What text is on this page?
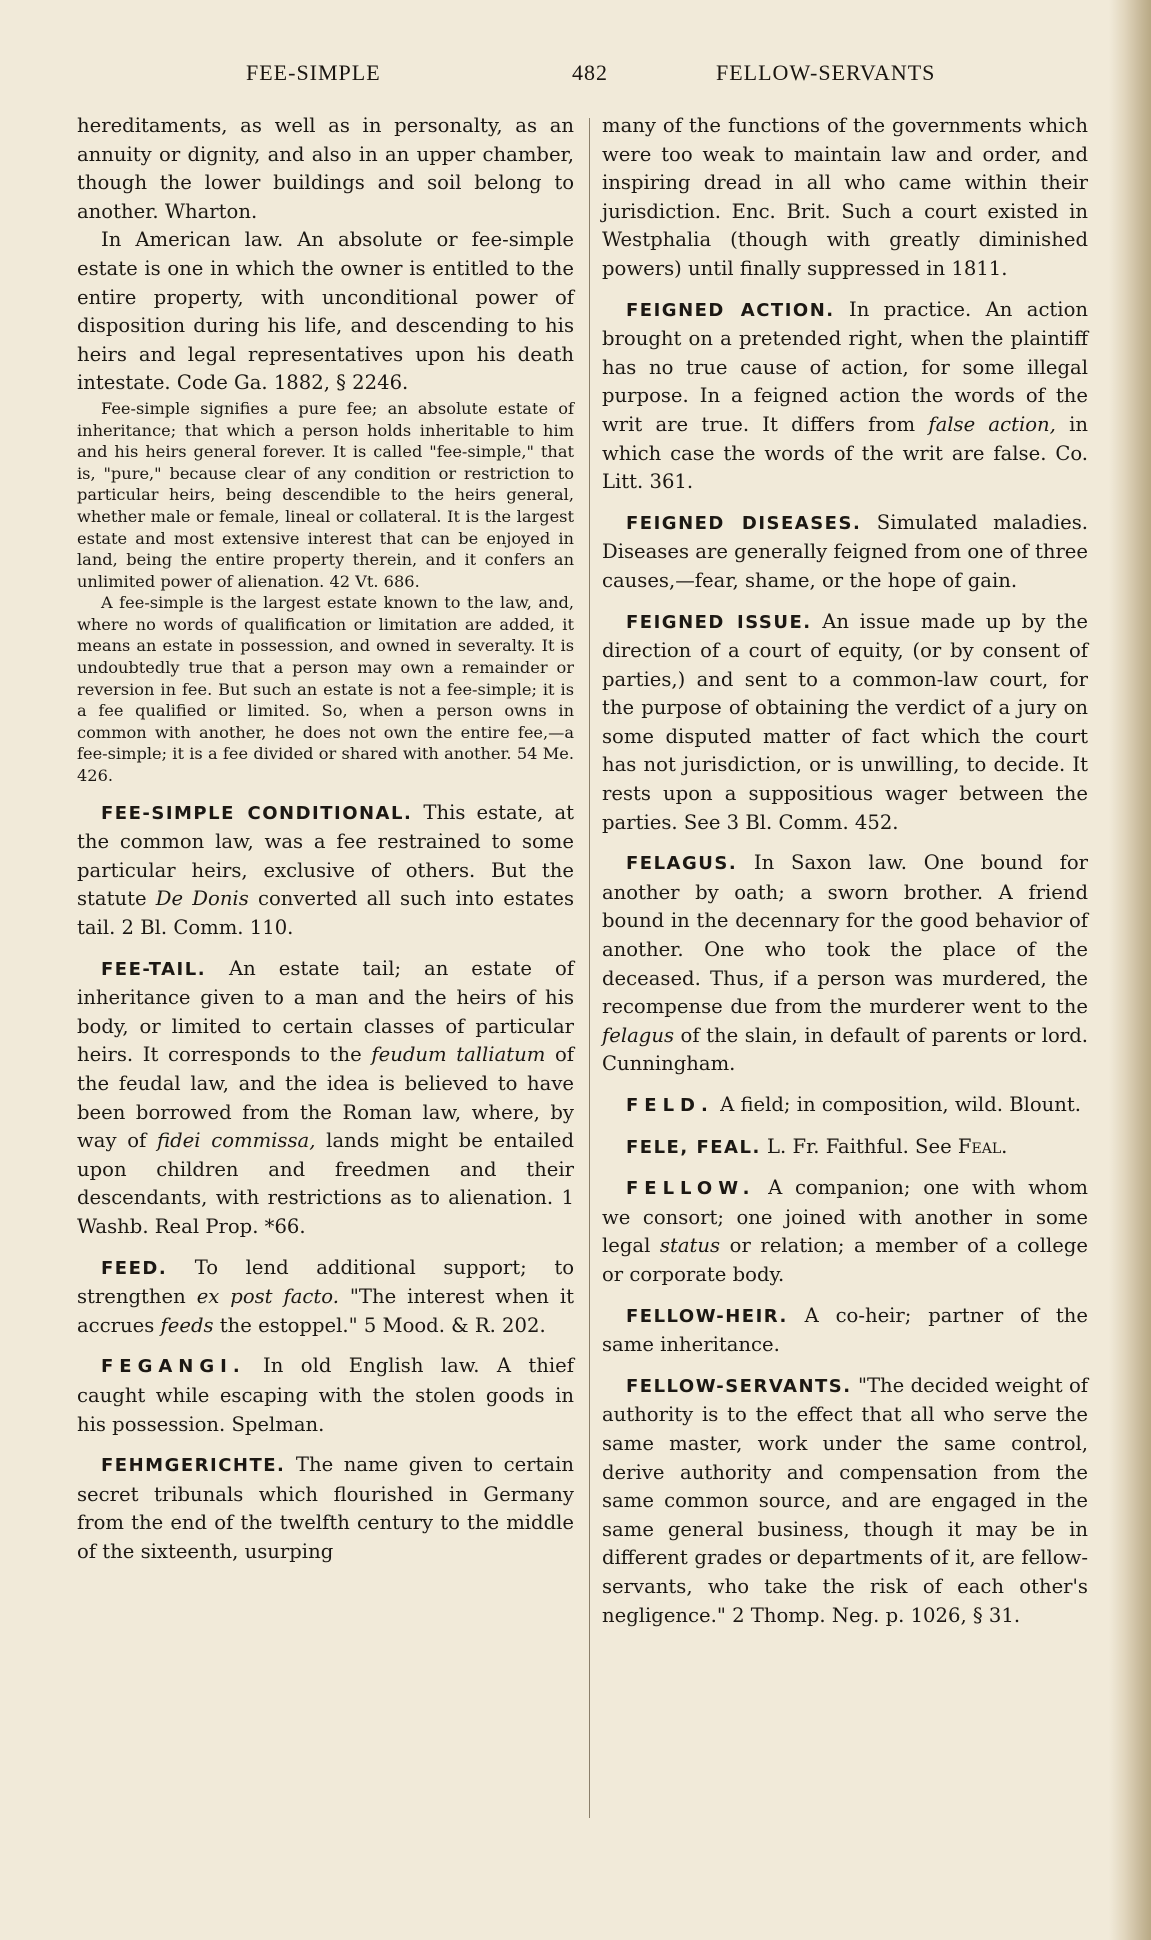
FEE-SIMPLE	482	FELLOW-SERVANTS

hereditaments, as well as in personalty, as an annuity or dignity, and also in an upper chamber, though the lower buildings and soil belong to another. Wharton.

In American law. An absolute or fee-simple estate is one in which the owner is entitled to the entire property, with unconditional power of disposition during his life, and descending to his heirs and legal representatives upon his death intestate. Code Ga. 1882, § 2246.

Fee-simple signifies a pure fee; an absolute estate of inheritance; that which a person holds inheritable to him and his heirs general forever. It is called "fee-simple," that is, "pure," because clear of any condition or restriction to particular heirs, being descendible to the heirs general, whether male or female, lineal or collateral. It is the largest estate and most extensive interest that can be enjoyed in land, being the entire property therein, and it confers an unlimited power of alienation. 42 Vt. 686.

A fee-simple is the largest estate known to the law, and, where no words of qualification or limitation are added, it means an estate in possession, and owned in severalty. It is undoubtedly true that a person may own a remainder or reversion in fee. But such an estate is not a fee-simple; it is a fee qualified or limited. So, when a person owns in common with another, he does not own the entire fee,—a fee-simple; it is a fee divided or shared with another. 54 Me. 426.

FEE-SIMPLE CONDITIONAL. This estate, at the common law, was a fee restrained to some particular heirs, exclusive of others. But the statute De Donis converted all such into estates tail. 2 Bl. Comm. 110.

FEE-TAIL. An estate tail; an estate of inheritance given to a man and the heirs of his body, or limited to certain classes of particular heirs. It corresponds to the feudum talliatum of the feudal law, and the idea is believed to have been borrowed from the Roman law, where, by way of fidei commissa, lands might be entailed upon children and freedmen and their descendants, with restrictions as to alienation. 1 Washb. Real Prop. *66.

FEED. To lend additional support; to strengthen ex post facto. "The interest when it accrues feeds the estoppel." 5 Mood. & R. 202.

FEGANGI. In old English law. A thief caught while escaping with the stolen goods in his possession. Spelman.

FEHMGERICHTE. The name given to certain secret tribunals which flourished in Germany from the end of the twelfth century to the middle of the sixteenth, usurping

many of the functions of the governments which were too weak to maintain law and order, and inspiring dread in all who came within their jurisdiction. Enc. Brit. Such a court existed in Westphalia (though with greatly diminished powers) until finally suppressed in 1811.

FEIGNED ACTION. In practice. An action brought on a pretended right, when the plaintiff has no true cause of action, for some illegal purpose. In a feigned action the words of the writ are true. It differs from false action, in which case the words of the writ are false. Co. Litt. 361.

FEIGNED DISEASES. Simulated maladies. Diseases are generally feigned from one of three causes,—fear, shame, or the hope of gain.

FEIGNED ISSUE. An issue made up by the direction of a court of equity, (or by consent of parties,) and sent to a common-law court, for the purpose of obtaining the verdict of a jury on some disputed matter of fact which the court has not jurisdiction, or is unwilling, to decide. It rests upon a suppositious wager between the parties. See 3 Bl. Comm. 452.

FELAGUS. In Saxon law. One bound for another by oath; a sworn brother. A friend bound in the decennary for the good behavior of another. One who took the place of the deceased. Thus, if a person was murdered, the recompense due from the murderer went to the felagus of the slain, in default of parents or lord. Cunningham.

FELD. A field; in composition, wild. Blount.

FELE, FEAL. L. Fr. Faithful. See Feal.

FELLOW. A companion; one with whom we consort; one joined with another in some legal status or relation; a member of a college or corporate body.

FELLOW-HEIR. A co-heir; partner of the same inheritance.

FELLOW-SERVANTS. "The decided weight of authority is to the effect that all who serve the same master, work under the same control, derive authority and compensation from the same common source, and are engaged in the same general business, though it may be in different grades or departments of it, are fellow-servants, who take the risk of each other's negligence." 2 Thomp. Neg. p. 1026, § 31.
